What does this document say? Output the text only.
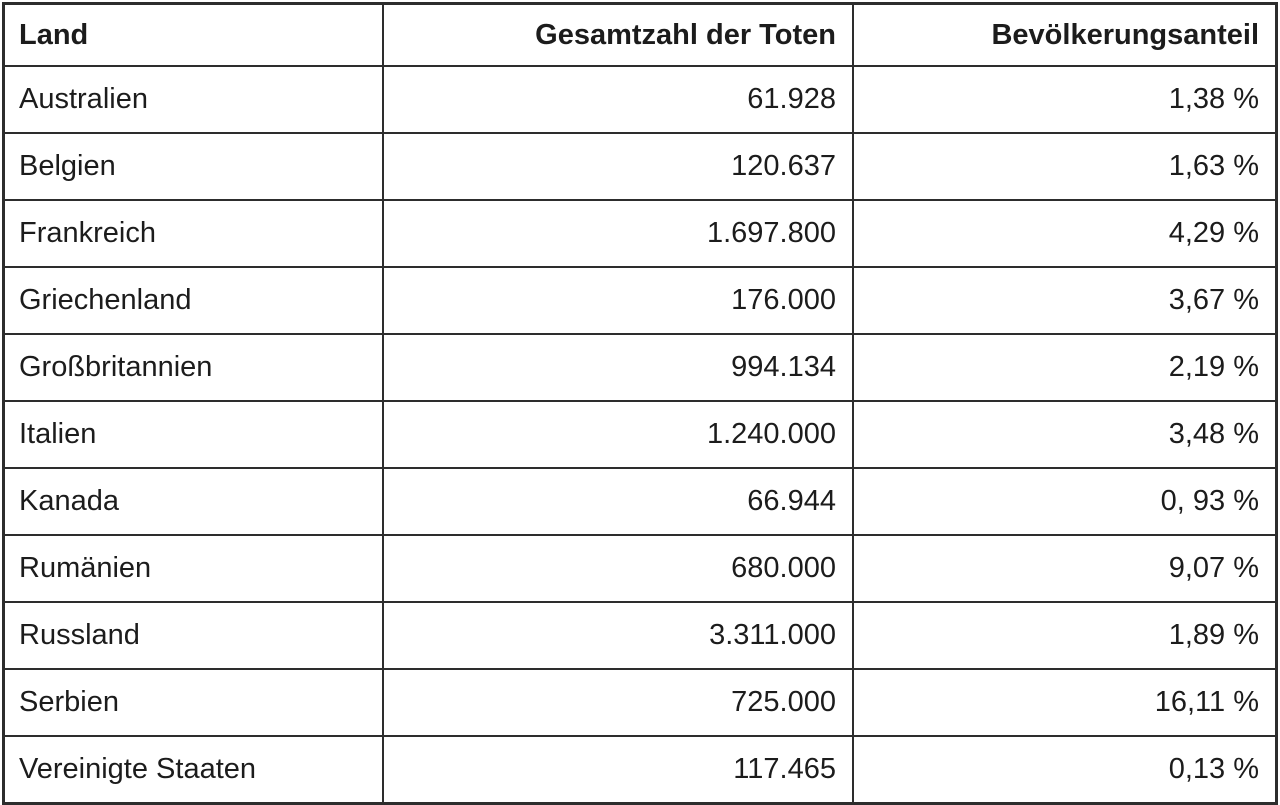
Land	Gesamtzahl der Toten	Bevölkerungsanteil
Australien	61.928	1,38 %
Belgien	120.637	1,63 %
Frankreich	1.697.800	4,29 %
Griechenland	176.000	3,67 %
Großbritannien	994.134	2,19 %
Italien	1.240.000	3,48 %
Kanada	66.944	0, 93 %
Rumänien	680.000	9,07 %
Russland	3.311.000	1,89 %
Serbien	725.000	16,11 %
Vereinigte Staaten	117.465	0,13 %
